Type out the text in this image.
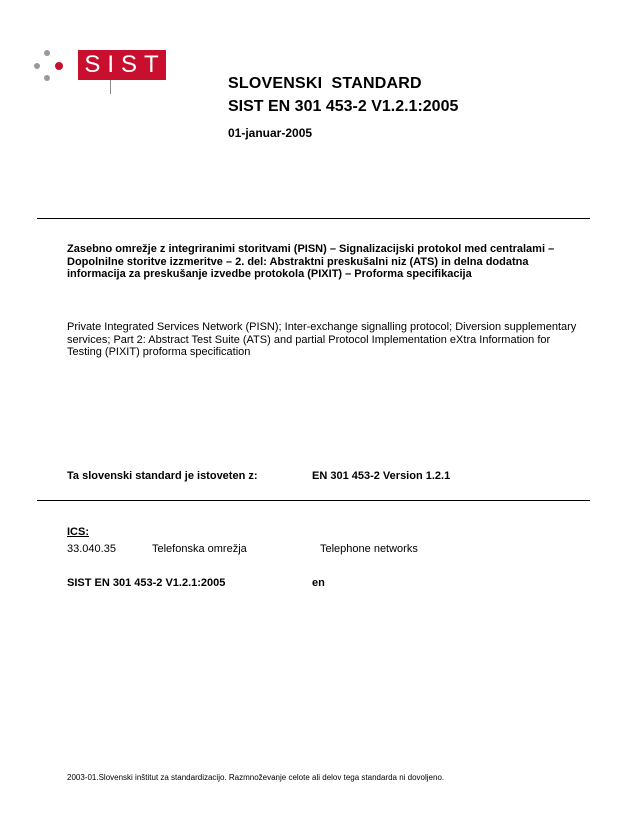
SIST
SLOVENSKI  STANDARD
SIST EN 301 453-2 V1.2.1:2005
01-januar-2005
Zasebno omrežje z integriranimi storitvami (PISN) – Signalizacijski protokol med centralami – Dopolnilne storitve izzmeritve – 2. del: Abstraktni preskušalni niz (ATS) in delna dodatna informacija za preskušanje izvedbe protokola (PIXIT) – Proforma specifikacija
Private Integrated Services Network (PISN); Inter-exchange signalling protocol; Diversion supplementary services; Part 2: Abstract Test Suite (ATS) and partial Protocol Implementation eXtra Information for Testing (PIXIT) proforma specification
Ta slovenski standard je istoveten z:	EN 301 453-2 Version 1.2.1
ICS:
33.040.35	Telefonska omrežja	Telephone networks
SIST EN 301 453-2 V1.2.1:2005	en
2003-01.Slovenski inštitut za standardizacijo. Razmnoževanje celote ali delov tega standarda ni dovoljeno.
